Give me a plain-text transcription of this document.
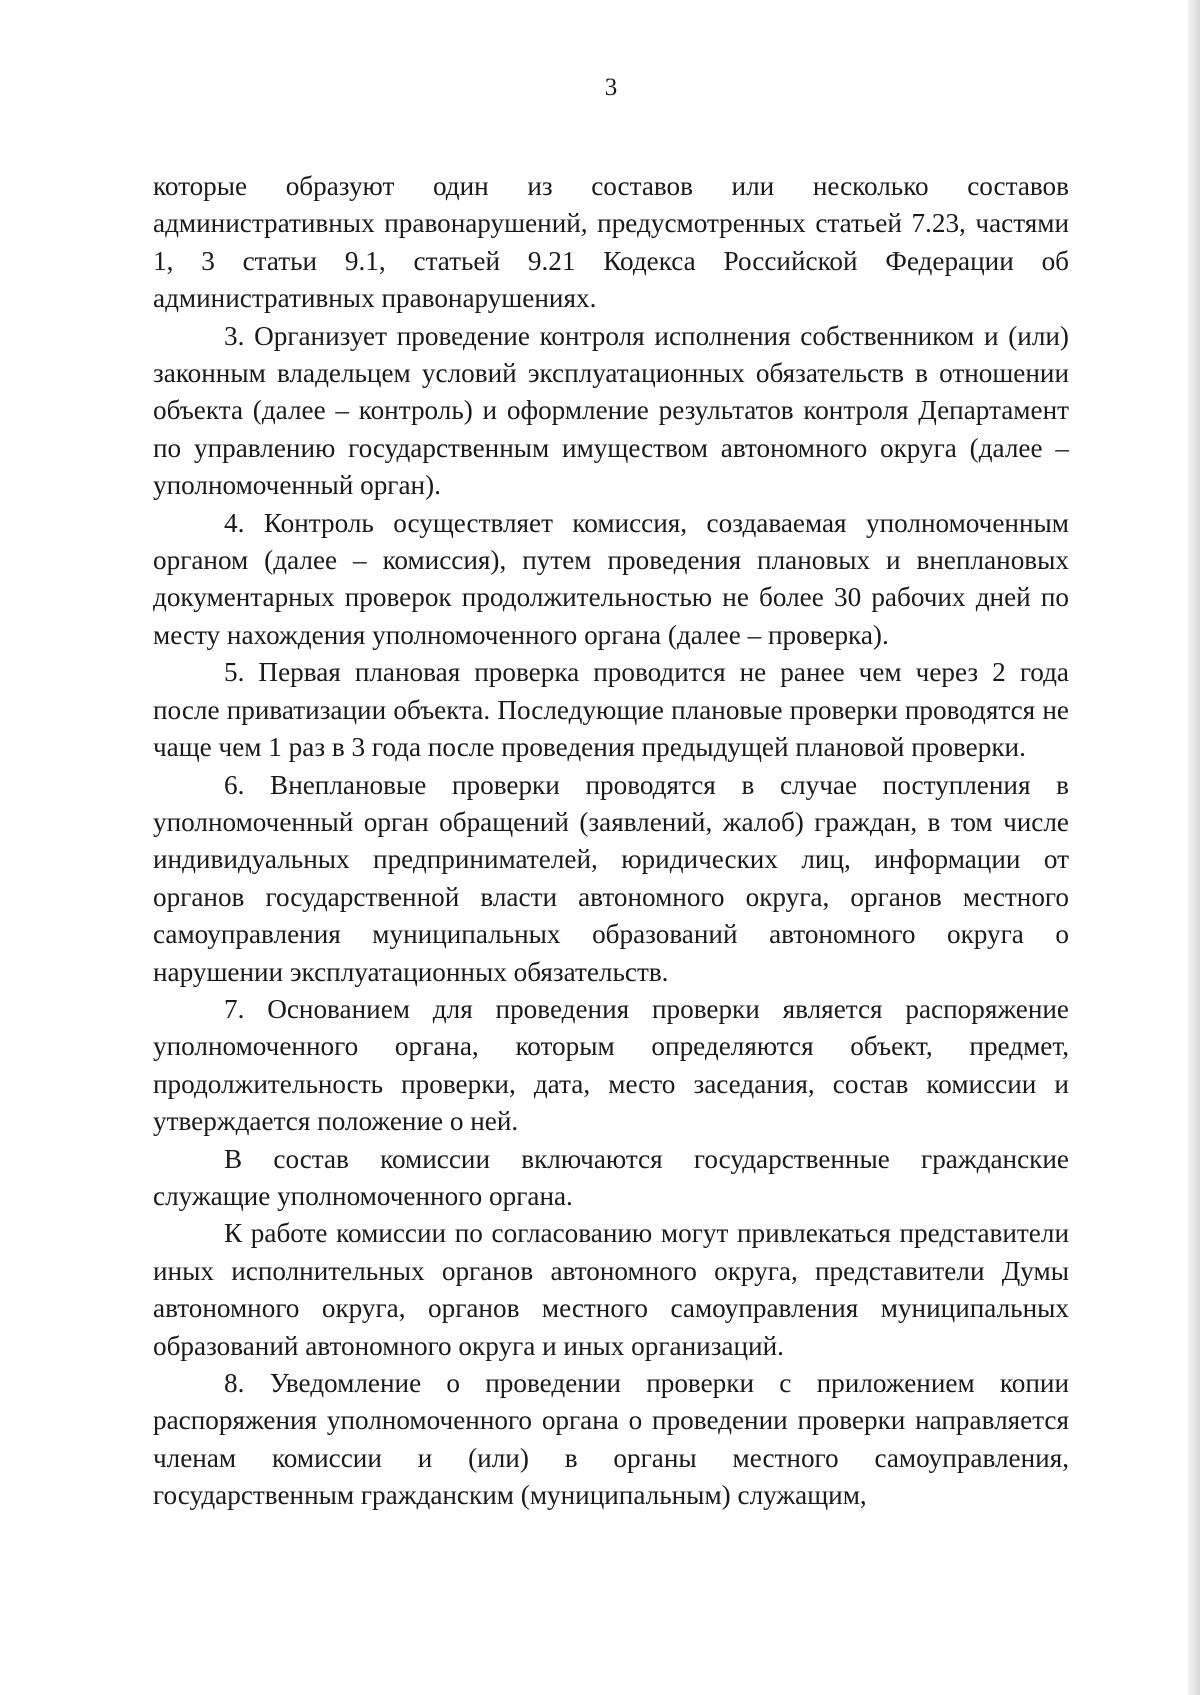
3

которые образуют один из составов или несколько составов административных правонарушений, предусмотренных статьей 7.23, частями 1, 3 статьи 9.1, статьей 9.21 Кодекса Российской Федерации об административных правонарушениях.

3. Организует проведение контроля исполнения собственником и (или) законным владельцем условий эксплуатационных обязательств в отношении объекта (далее – контроль) и оформление результатов контроля Департамент по управлению государственным имуществом автономного округа (далее – уполномоченный орган).

4. Контроль осуществляет комиссия, создаваемая уполномоченным органом (далее – комиссия), путем проведения плановых и внеплановых документарных проверок продолжительностью не более 30 рабочих дней по месту нахождения уполномоченного органа (далее – проверка).

5. Первая плановая проверка проводится не ранее чем через 2 года после приватизации объекта. Последующие плановые проверки проводятся не чаще чем 1 раз в 3 года после проведения предыдущей плановой проверки.

6. Внеплановые проверки проводятся в случае поступления в уполномоченный орган обращений (заявлений, жалоб) граждан, в том числе индивидуальных предпринимателей, юридических лиц, информации от органов государственной власти автономного округа, органов местного самоуправления муниципальных образований автономного округа о нарушении эксплуатационных обязательств.

7. Основанием для проведения проверки является распоряжение уполномоченного органа, которым определяются объект, предмет, продолжительность проверки, дата, место заседания, состав комиссии и утверждается положение о ней.

В состав комиссии включаются государственные гражданские служащие уполномоченного органа.

К работе комиссии по согласованию могут привлекаться представители иных исполнительных органов автономного округа, представители Думы автономного округа, органов местного самоуправления муниципальных образований автономного округа и иных организаций.

8. Уведомление о проведении проверки с приложением копии распоряжения уполномоченного органа о проведении проверки направляется членам комиссии и (или) в органы местного самоуправления, государственным гражданским (муниципальным) служащим,
